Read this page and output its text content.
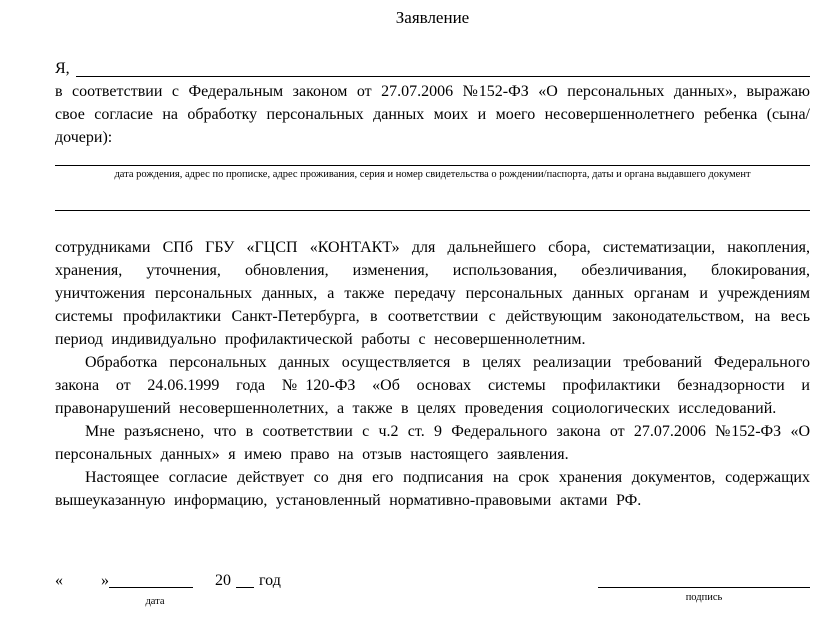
Заявление
Я,

в соответствии с Федеральным законом от 27.07.2006 №152-ФЗ «О персональных данных», выражаю свое согласие на обработку персональных данных моих и моего несовершеннолетнего ребенка (сына/дочери):

дата рождения, адрес по прописке, адрес проживания, серия и номер свидетельства о рождении/паспорта, даты и органа выдавшего документ

сотрудниками СПб ГБУ «ГЦСП «КОНТАКТ» для дальнейшего сбора, систематизации, накопления, хранения, уточнения, обновления, изменения, использования, обезличивания, блокирования, уничтожения персональных данных, а также передачу персональных данных органам и учреждениям системы профилактики Санкт-Петербурга, в соответствии с действующим законодательством, на весь период индивидуально профилактической работы с несовершеннолетним.

Обработка персональных данных осуществляется в целях реализации требований Федерального закона от 24.06.1999 года №120-ФЗ «Об основах системы профилактики безнадзорности и правонарушений несовершеннолетних, а также в целях проведения социологических исследований.

Мне разъяснено, что в соответствии с ч.2 ст. 9 Федерального закона от 27.07.2006 №152-ФЗ «О персональных данных» я имею право на отзыв настоящего заявления.

Настоящее согласие действует со дня его подписания на срок хранения документов, содержащих вышеуказанную информацию, установленный нормативно-правовыми актами РФ.

« »	20 год
дата	подпись
